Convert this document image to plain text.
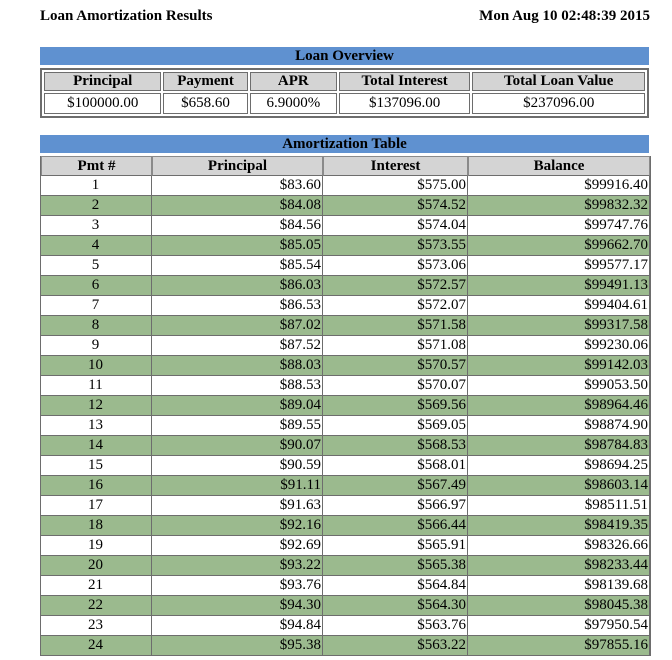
Loan Amortization Results	Mon Aug 10 02:48:39 2015
Loan Overview
Principal	Payment	APR	Total Interest	Total Loan Value
$100000.00	$658.60	6.9000%	$137096.00	$237096.00
Amortization Table
Pmt #	Principal	Interest	Balance
1	$83.60	$575.00	$99916.40
2	$84.08	$574.52	$99832.32
3	$84.56	$574.04	$99747.76
4	$85.05	$573.55	$99662.70
5	$85.54	$573.06	$99577.17
6	$86.03	$572.57	$99491.13
7	$86.53	$572.07	$99404.61
8	$87.02	$571.58	$99317.58
9	$87.52	$571.08	$99230.06
10	$88.03	$570.57	$99142.03
11	$88.53	$570.07	$99053.50
12	$89.04	$569.56	$98964.46
13	$89.55	$569.05	$98874.90
14	$90.07	$568.53	$98784.83
15	$90.59	$568.01	$98694.25
16	$91.11	$567.49	$98603.14
17	$91.63	$566.97	$98511.51
18	$92.16	$566.44	$98419.35
19	$92.69	$565.91	$98326.66
20	$93.22	$565.38	$98233.44
21	$93.76	$564.84	$98139.68
22	$94.30	$564.30	$98045.38
23	$94.84	$563.76	$97950.54
24	$95.38	$563.22	$97855.16
